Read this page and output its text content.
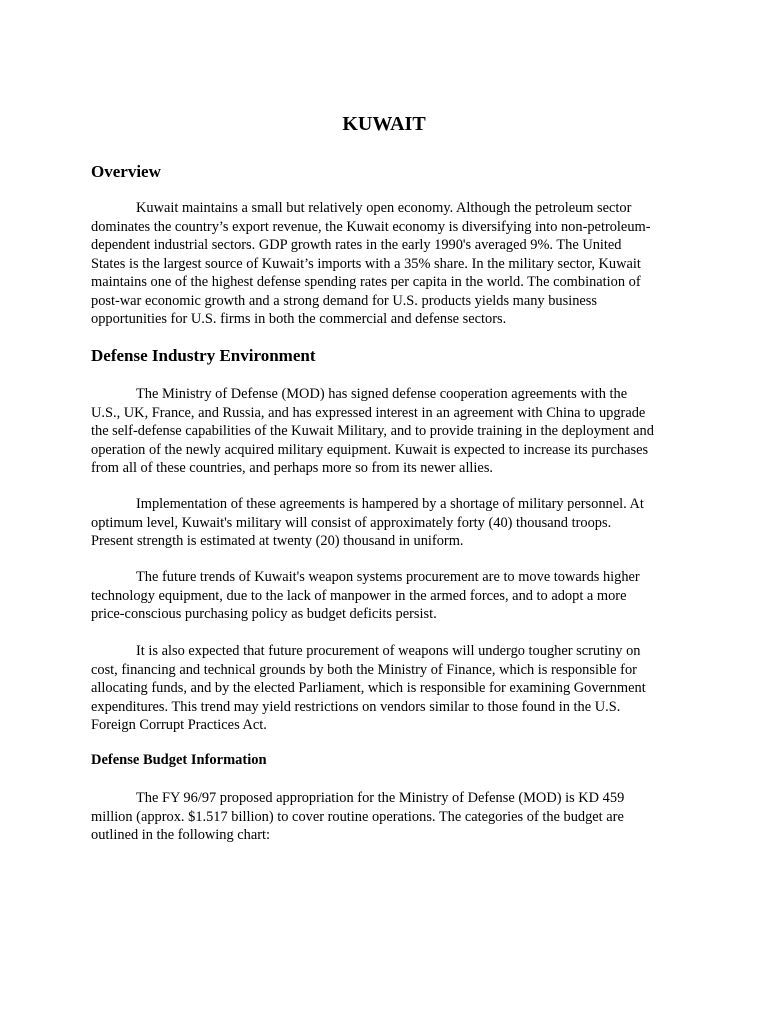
KUWAIT
Overview
Kuwait maintains a small but relatively open economy. Although the petroleum sector
dominates the country’s export revenue, the Kuwait economy is diversifying into non-petroleum-
dependent industrial sectors. GDP growth rates in the early 1990's averaged 9%. The United
States is the largest source of Kuwait’s imports with a 35% share. In the military sector, Kuwait
maintains one of the highest defense spending rates per capita in the world. The combination of
post-war economic growth and a strong demand for U.S. products yields many business
opportunities for U.S. firms in both the commercial and defense sectors.
Defense Industry Environment
The Ministry of Defense (MOD) has signed defense cooperation agreements with the
U.S., UK, France, and Russia, and has expressed interest in an agreement with China to upgrade
the self-defense capabilities of the Kuwait Military, and to provide training in the deployment and
operation of the newly acquired military equipment. Kuwait is expected to increase its purchases
from all of these countries, and perhaps more so from its newer allies.
Implementation of these agreements is hampered by a shortage of military personnel. At
optimum level, Kuwait's military will consist of approximately forty (40) thousand troops.
Present strength is estimated at twenty (20) thousand in uniform.
The future trends of Kuwait's weapon systems procurement are to move towards higher
technology equipment, due to the lack of manpower in the armed forces, and to adopt a more
price-conscious purchasing policy as budget deficits persist.
It is also expected that future procurement of weapons will undergo tougher scrutiny on
cost, financing and technical grounds by both the Ministry of Finance, which is responsible for
allocating funds, and by the elected Parliament, which is responsible for examining Government
expenditures. This trend may yield restrictions on vendors similar to those found in the U.S.
Foreign Corrupt Practices Act.
Defense Budget Information
The FY 96/97 proposed appropriation for the Ministry of Defense (MOD) is KD 459
million (approx. $1.517 billion) to cover routine operations. The categories of the budget are
outlined in the following chart:
